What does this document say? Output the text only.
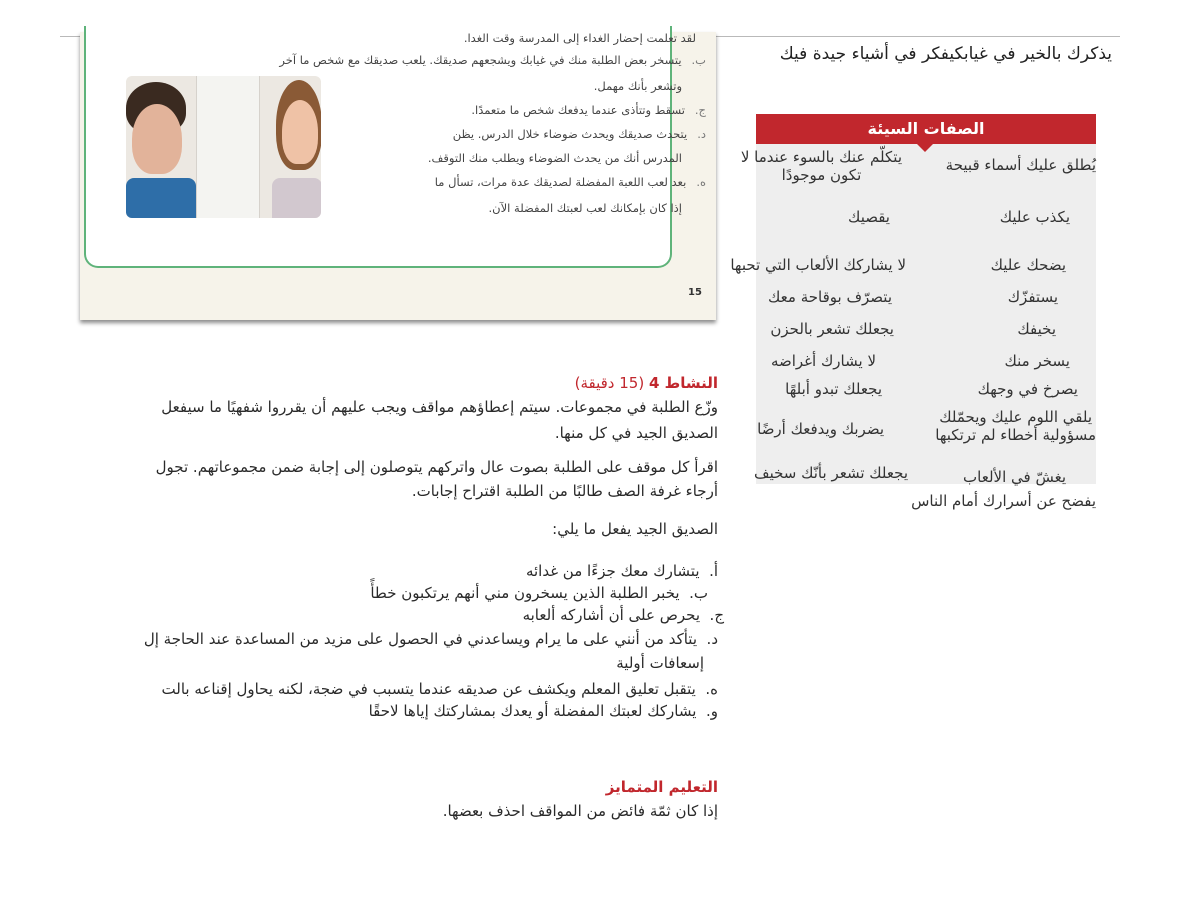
لقد تعلمت إحضار الغداء إلى المدرسة وقت الغدا.
ب.يتسخر بعض الطلبة منك في غيابك ويشجعهم صديقك. يلعب صديقك مع شخص ما آخر
وتشعر بأنك مهمل.
ج.تسقط وتتأذى عندما يدفعك شخص ما متعمدًا.
د.يتحدث صديقك ويحدث ضوضاء خلال الدرس. يظن
المدرس أنك من يحدث الضوضاء ويطلب منك التوقف.
ه.بعد لعب اللعبة المفضلة لصديقك عدة مرات، تسأل ما
إذا كان بإمكانك لعب لعبتك المفضلة الآن.
15
يذكرك بالخير في غيابكيفكر في أشياء جيدة فيك
الصفات السيئة
يُطلق عليك أسماء قبيحة
يتكلّم عنك بالسوء عندما لا
تكون موجودًا
يكذب عليك
يقصيك
يضحك عليك
لا يشاركك الألعاب التي تحبها
يستفزّك
يتصرّف بوقاحة معك
يخيفك
يجعلك تشعر بالحزن
يسخر منك
لا يشارك أغراضه
يصرخ في وجهك
يجعلك تبدو أبلهًا
يلقي اللوم عليك ويحمّلك
مسؤولية أخطاء لم ترتكبها
يضربك ويدفعك أرضًا
يغشّ في الألعاب
يجعلك تشعر بأنّك سخيف
يفضح عن أسرارك أمام الناس
النشاط 4 (15 دقيقة)
وزّع الطلبة في مجموعات. سيتم إعطاؤهم مواقف ويجب عليهم أن يقرروا شفهيًا ما سيفعل
الصديق الجيد في كل منها.
اقرأ كل موقف على الطلبة بصوت عال واتركهم يتوصلون إلى إجابة ضمن مجموعاتهم. تجول
أرجاء غرفة الصف طالبًا من الطلبة اقتراح إجابات.
الصديق الجيد يفعل ما يلي:
أ.  يتشارك معك جزءًا من غدائه
ب.  يخبر الطلبة الذين يسخرون مني أنهم يرتكبون خطأً
ج.  يحرص على أن أشاركه ألعابه
د.  يتأكد من أنني على ما يرام ويساعدني في الحصول على مزيد من المساعدة عند الحاجة إل
إسعافات أولية
ه.  يتقبل تعليق المعلم ويكشف عن صديقه عندما يتسبب في ضجة، لكنه يحاول إقناعه بالت
و.  يشاركك لعبتك المفضلة أو يعدك بمشاركتك إياها لاحقًا
التعليم المتمايز
إذا كان ثمّة فائض من المواقف احذف بعضها.
